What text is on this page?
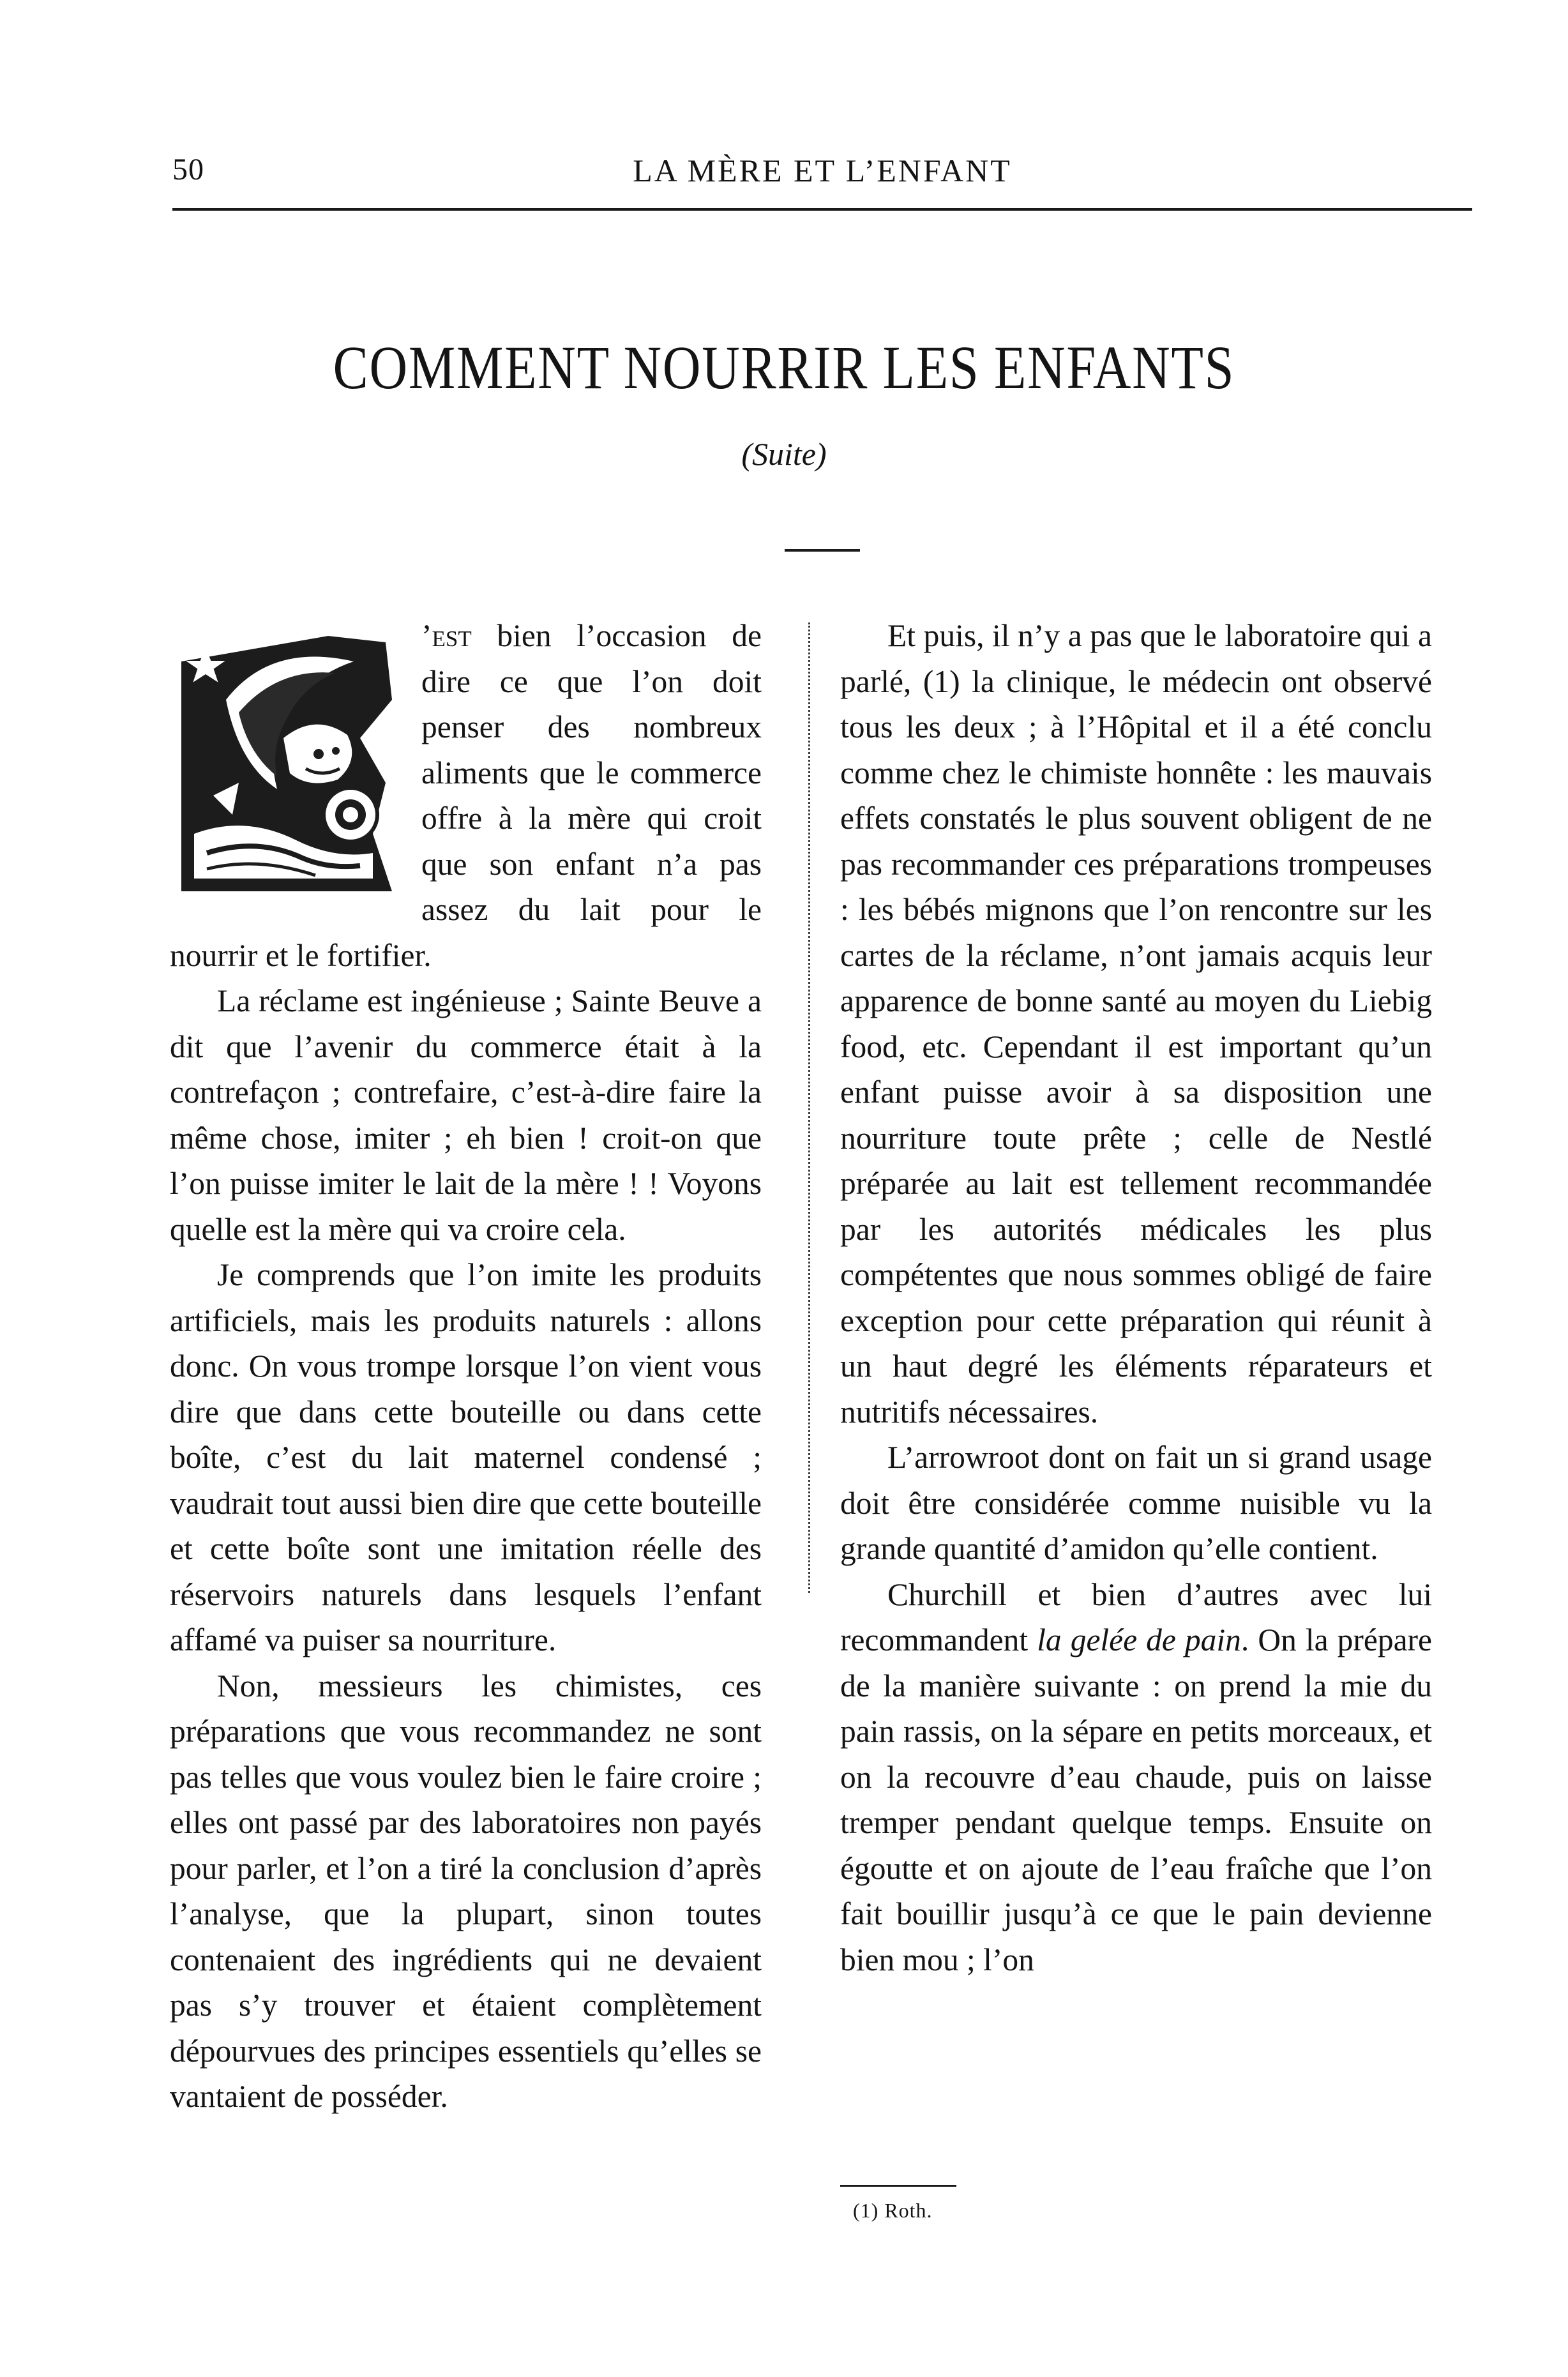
50	LA MÈRE ET L’ENFANT
COMMENT NOURRIR LES ENFANTS
(Suite)

’est bien l’occasion de dire ce que l’on doit penser des nombreux aliments que le commerce offre à la mère qui croit que son enfant n’a pas assez du lait pour le nourrir et le fortifier.

La réclame est ingénieuse ; Sainte Beuve a dit que l’avenir du commerce était à la contrefaçon ; contrefaire, c’est-à-dire faire la même chose, imiter ; eh bien ! croit-on que l’on puisse imiter le lait de la mère ! ! Voyons quelle est la mère qui va croire cela.

Je comprends que l’on imite les produits artificiels, mais les produits naturels : allons donc. On vous trompe lorsque l’on vient vous dire que dans cette bouteille ou dans cette boîte, c’est du lait maternel condensé ; vaudrait tout aussi bien dire que cette bouteille et cette boîte sont une imitation réelle des réservoirs naturels dans lesquels l’enfant affamé va puiser sa nourriture.

Non, messieurs les chimistes, ces préparations que vous recommandez ne sont pas telles que vous voulez bien le faire croire ; elles ont passé par des laboratoires non payés pour parler, et l’on a tiré la conclusion d’après l’analyse, que la plupart, sinon toutes contenaient des ingrédients qui ne devaient pas s’y trouver et étaient complètement dépourvues des principes essentiels qu’elles se vantaient de posséder.

Et puis, il n’y a pas que le laboratoire qui a parlé, (1) la clinique, le médecin ont observé tous les deux ; à l’Hôpital et il a été conclu comme chez le chimiste honnête : les mauvais effets constatés le plus souvent obligent de ne pas recommander ces préparations trompeuses : les bébés mignons que l’on rencontre sur les cartes de la réclame, n’ont jamais acquis leur apparence de bonne santé au moyen du Liebig food, etc. Cependant il est important qu’un enfant puisse avoir à sa disposition une nourriture toute prête ; celle de Nestlé préparée au lait est tellement recommandée par les autorités médicales les plus compétentes que nous sommes obligé de faire exception pour cette préparation qui réunit à un haut degré les éléments réparateurs et nutritifs nécessaires.

L’arrowroot dont on fait un si grand usage doit être considérée comme nuisible vu la grande quantité d’amidon qu’elle contient.

Churchill et bien d’autres avec lui recommandent la gelée de pain. On la prépare de la manière suivante : on prend la mie du pain rassis, on la sépare en petits morceaux, et on la recouvre d’eau chaude, puis on laisse tremper pendant quelque temps. Ensuite on égoutte et on ajoute de l’eau fraîche que l’on fait bouillir jusqu’à ce que le pain devienne bien mou ; l’on

(1) Roth.
